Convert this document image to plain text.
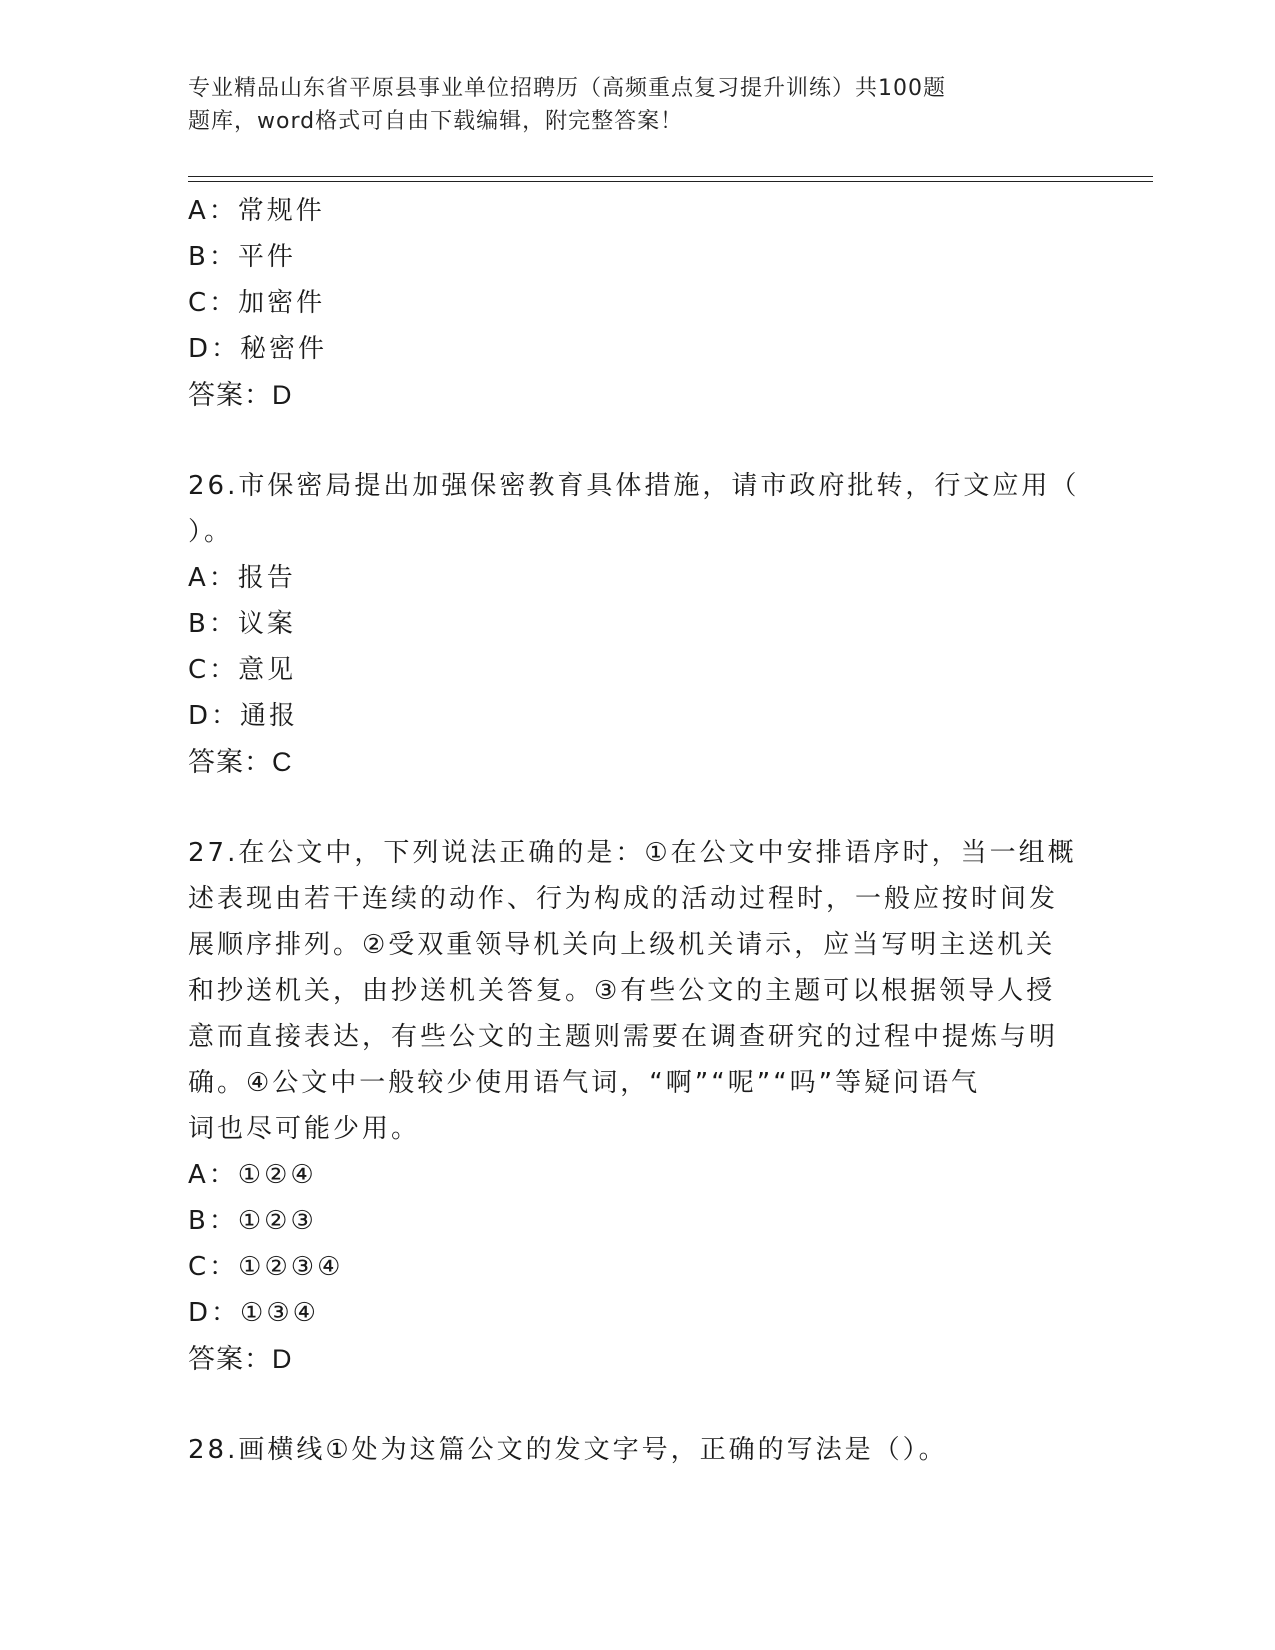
专业精品山东省平原县事业单位招聘历（高频重点复习提升训练）共100题
题库，word格式可自由下载编辑，附完整答案！
A：常规件
B：平件
C：加密件
D：秘密件
答案：D
26.市保密局提出加强保密教育具体措施，请市政府批转，行文应用（
）。
A：报告
B：议案
C：意见
D：通报
答案：C
27.在公文中，下列说法正确的是：①在公文中安排语序时，当一组概
述表现由若干连续的动作、行为构成的活动过程时，一般应按时间发
展顺序排列。②受双重领导机关向上级机关请示，应当写明主送机关
和抄送机关，由抄送机关答复。③有些公文的主题可以根据领导人授
意而直接表达，有些公文的主题则需要在调查研究的过程中提炼与明
确。④公文中一般较少使用语气词，“啊”“呢”“吗”等疑问语气
词也尽可能少用。
A：①②④
B：①②③
C：①②③④
D：①③④
答案：D
28.画横线①处为这篇公文的发文字号，正确的写法是（）。
